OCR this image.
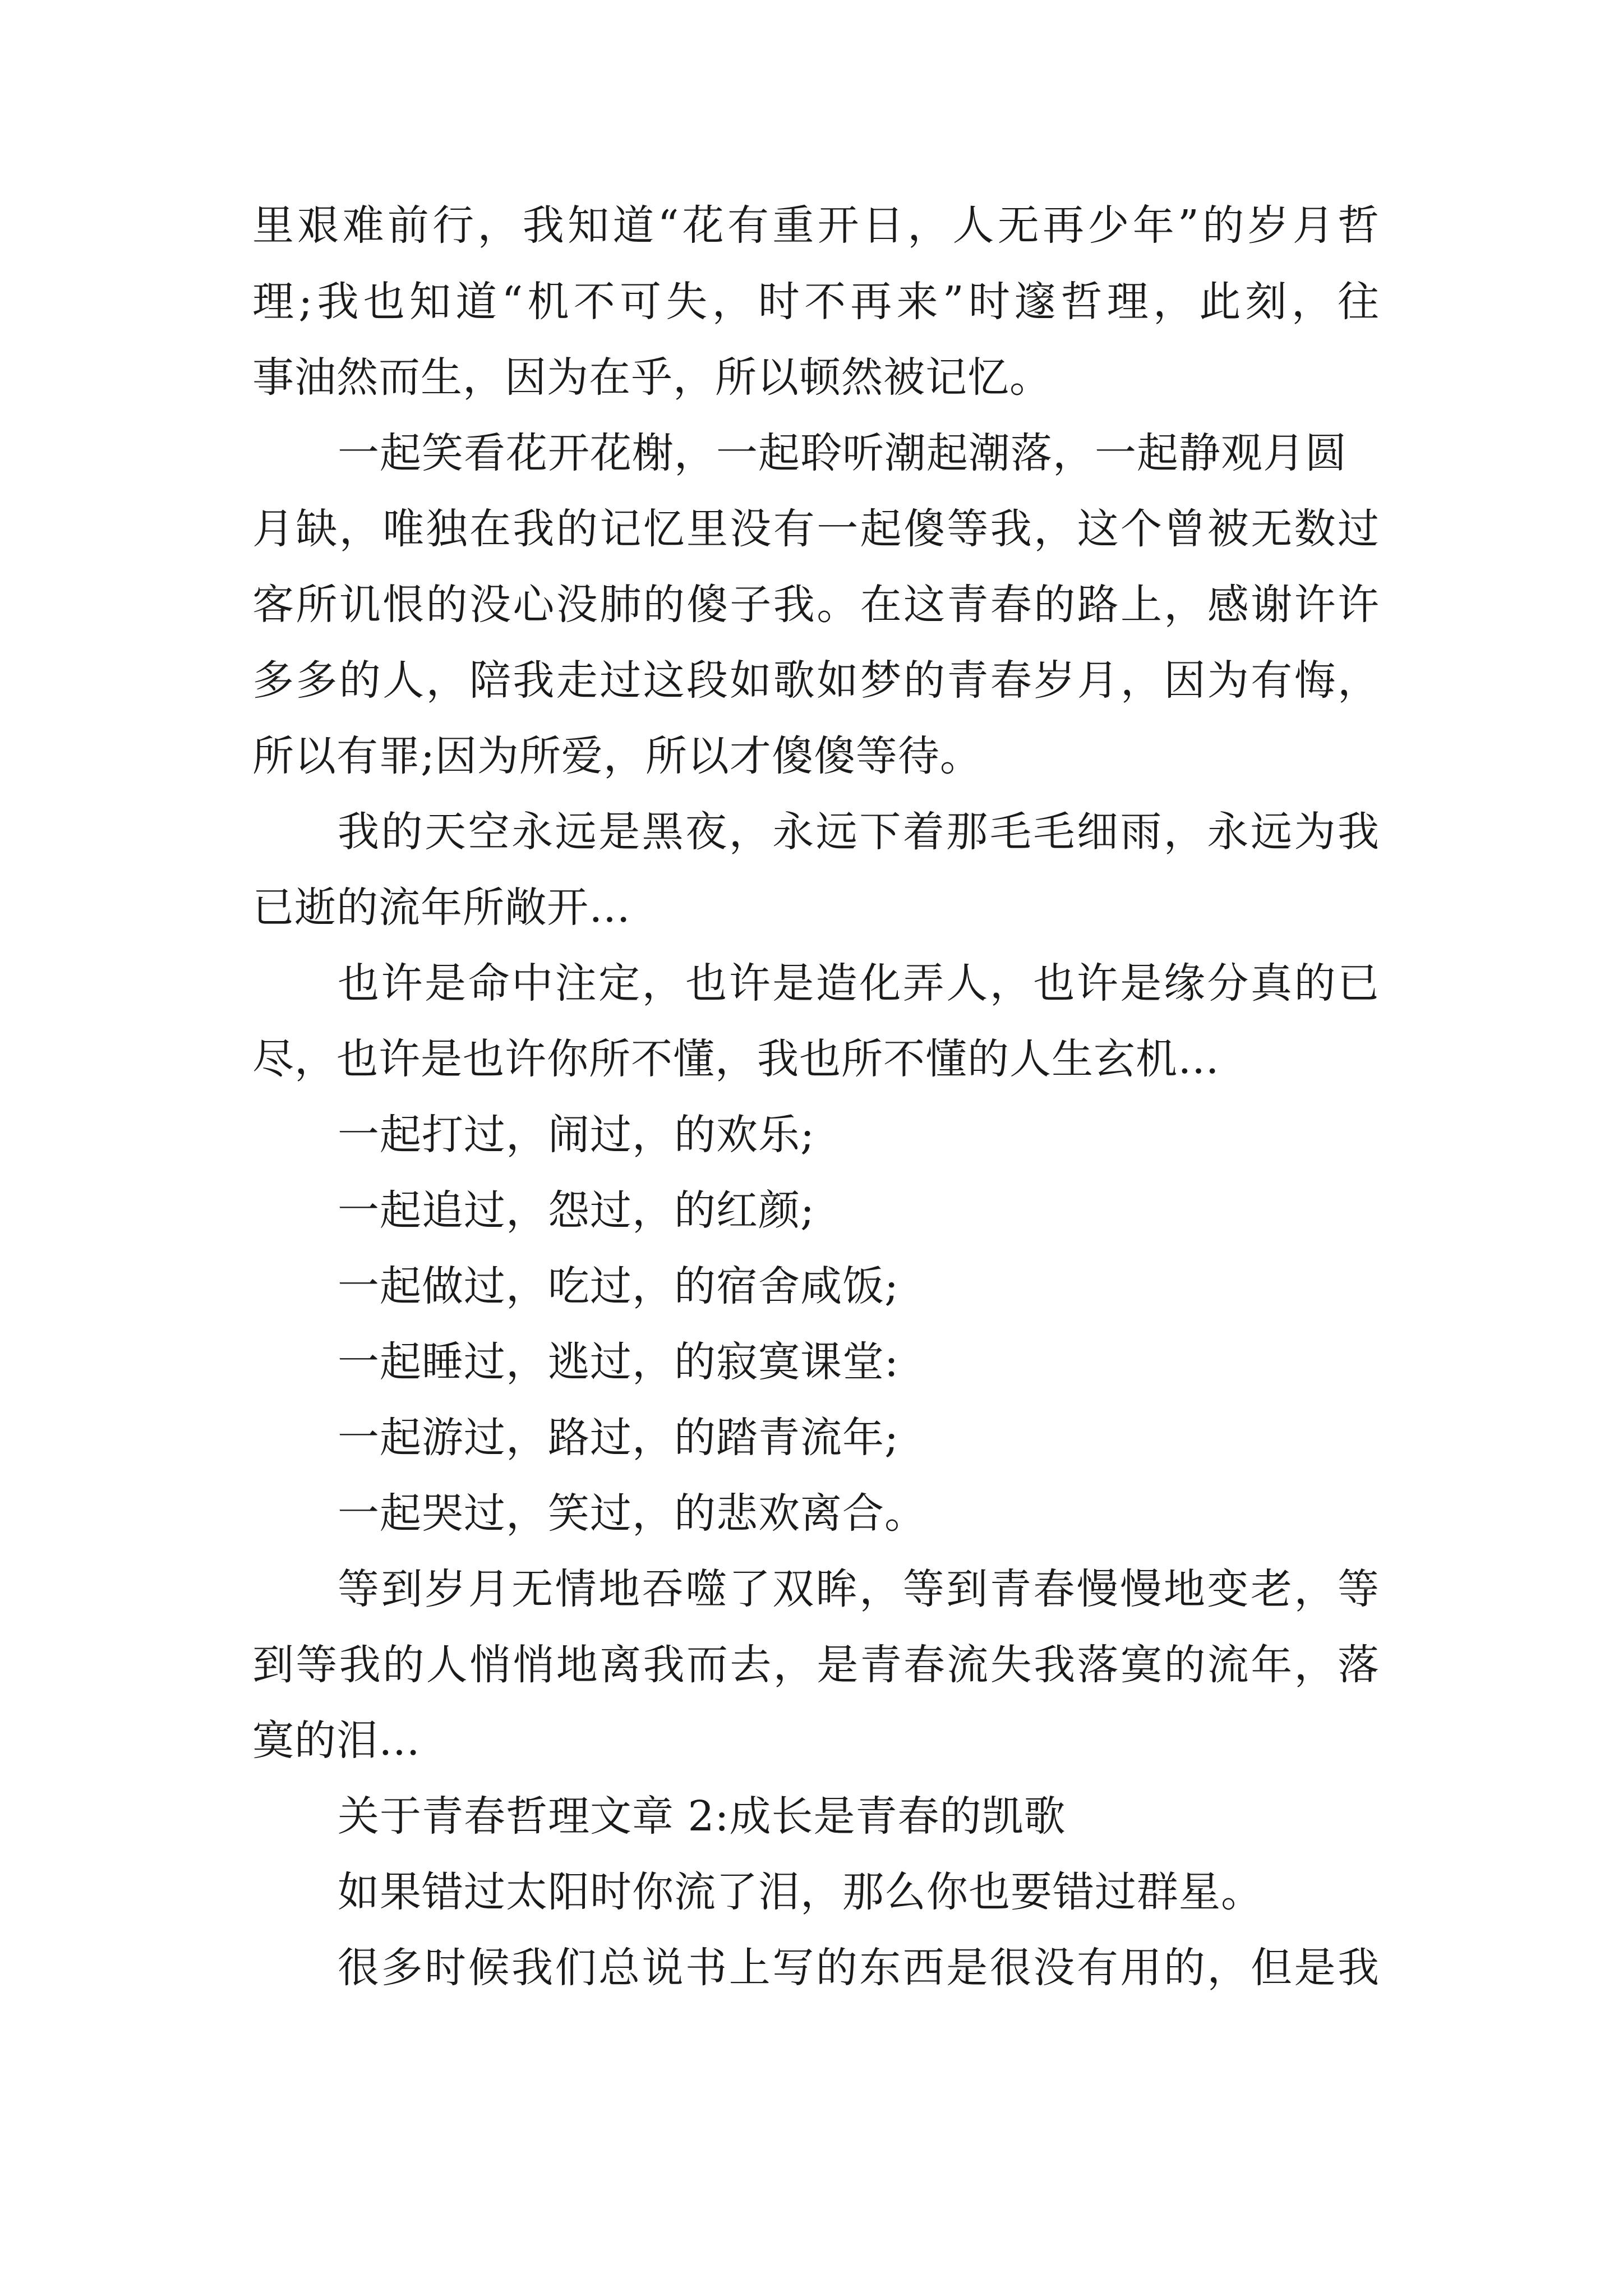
里艰难前行，我知道“花有重开日，人无再少年”的岁月哲
理;我也知道“机不可失，时不再来”时邃哲理，此刻，往
事油然而生，因为在乎，所以顿然被记忆。
一起笑看花开花榭，一起聆听潮起潮落，一起静观月圆
月缺，唯独在我的记忆里没有一起傻等我，这个曾被无数过
客所讥恨的没心没肺的傻子我。在这青春的路上，感谢许许
多多的人，陪我走过这段如歌如梦的青春岁月，因为有悔，
所以有罪;因为所爱，所以才傻傻等待。
我的天空永远是黑夜，永远下着那毛毛细雨，永远为我
已逝的流年所敞开…
也许是命中注定，也许是造化弄人，也许是缘分真的已
尽，也许是也许你所不懂，我也所不懂的人生玄机…
一起打过，闹过，的欢乐;
一起追过，怨过，的红颜;
一起做过，吃过，的宿舍咸饭;
一起睡过，逃过，的寂寞课堂:
一起游过，路过，的踏青流年;
一起哭过，笑过，的悲欢离合。
等到岁月无情地吞噬了双眸，等到青春慢慢地变老，等
到等我的人悄悄地离我而去，是青春流失我落寞的流年，落
寞的泪…
关于青春哲理文章 2:成长是青春的凯歌
如果错过太阳时你流了泪，那么你也要错过群星。
很多时候我们总说书上写的东西是很没有用的，但是我
